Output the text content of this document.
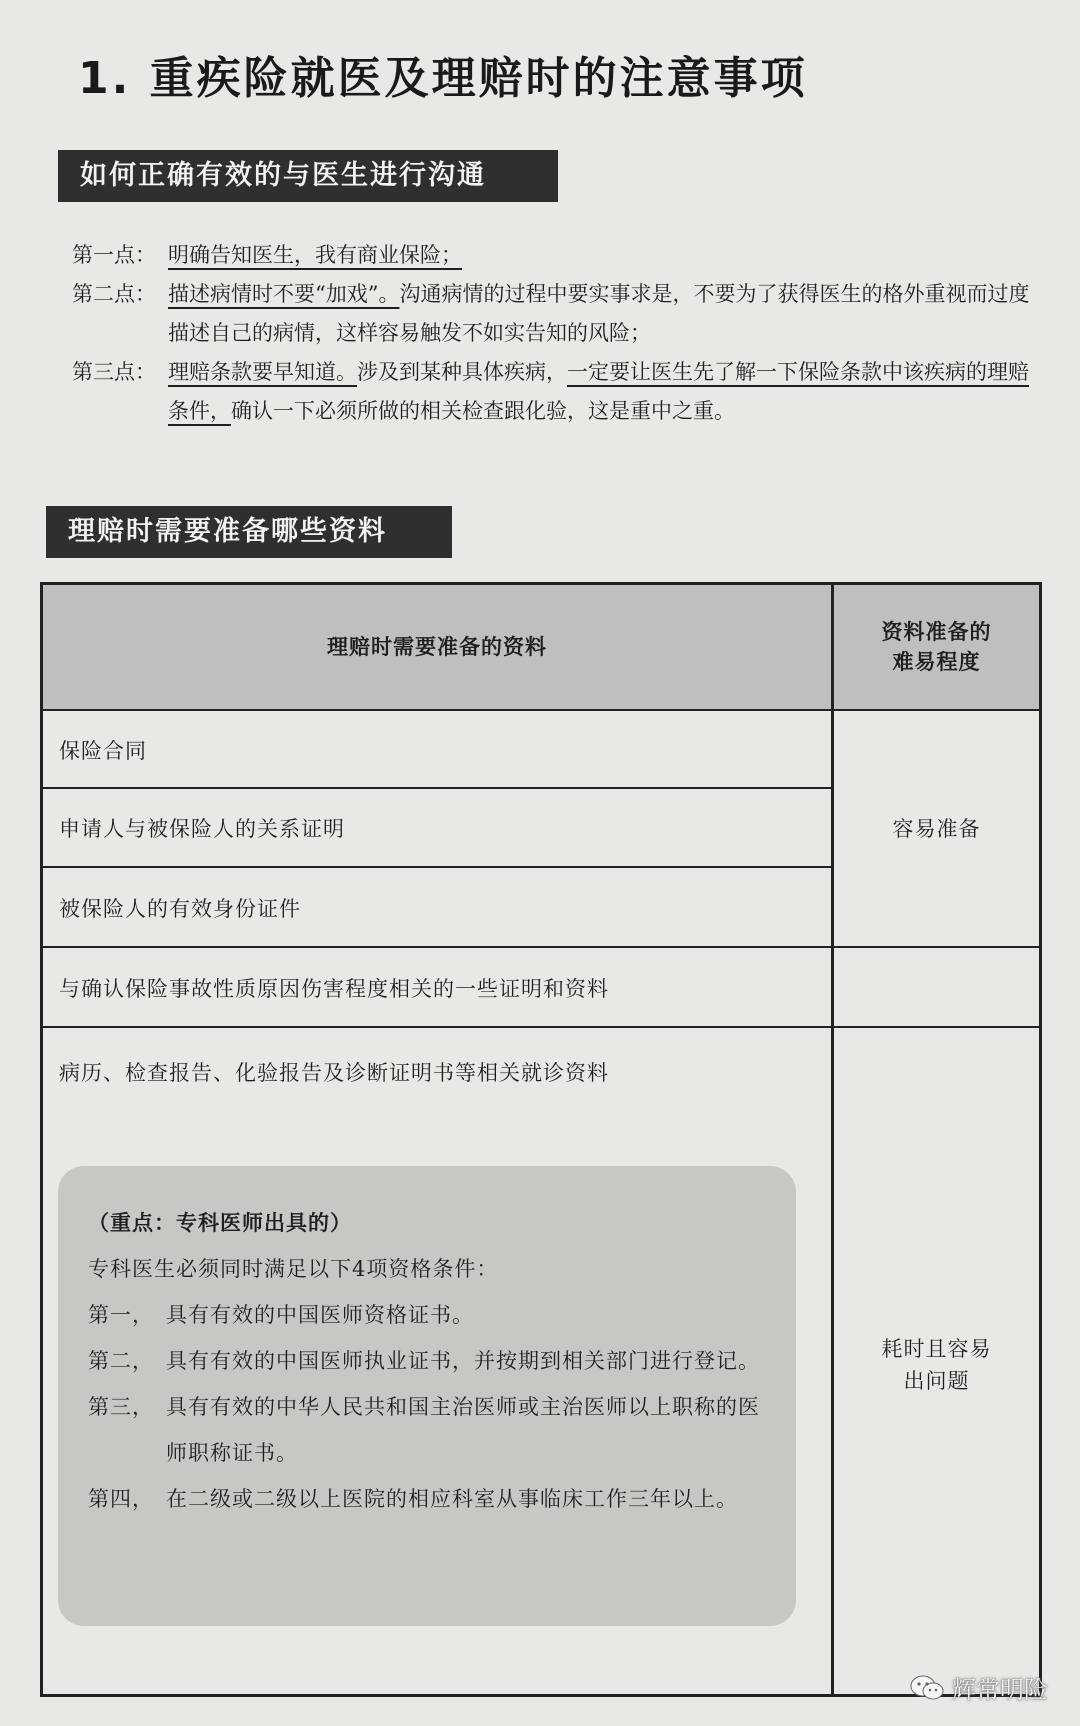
1. 重疾险就医及理赔时的注意事项
如何正确有效的与医生进行沟通
第一点： 明确告知医生，我有商业保险；
第二点： 描述病情时不要“加戏”。沟通病情的过程中要实事求是，不要为了获得医生的格外重视而过度描述自己的病情，这样容易触发不如实告知的风险；
第三点： 理赔条款要早知道。涉及到某种具体疾病，一定要让医生先了解一下保险条款中该疾病的理赔条件，确认一下必须所做的相关检查跟化验，这是重中之重。
理赔时需要准备哪些资料
理赔时需要准备的资料
资料准备的
难易程度
保险合同
申请人与被保险人的关系证明
被保险人的有效身份证件
与确认保险事故性质原因伤害程度相关的一些证明和资料
病历、检查报告、化验报告及诊断证明书等相关就诊资料
容易准备
耗时且容易
出问题
（重点：专科医师出具的）
专科医生必须同时满足以下4项资格条件：
第一， 具有有效的中国医师资格证书。
第二， 具有有效的中国医师执业证书，并按期到相关部门进行登记。
第三， 具有有效的中华人民共和国主治医师或主治医师以上职称的医师职称证书。
第四， 在二级或二级以上医院的相应科室从事临床工作三年以上。
辉常明险
